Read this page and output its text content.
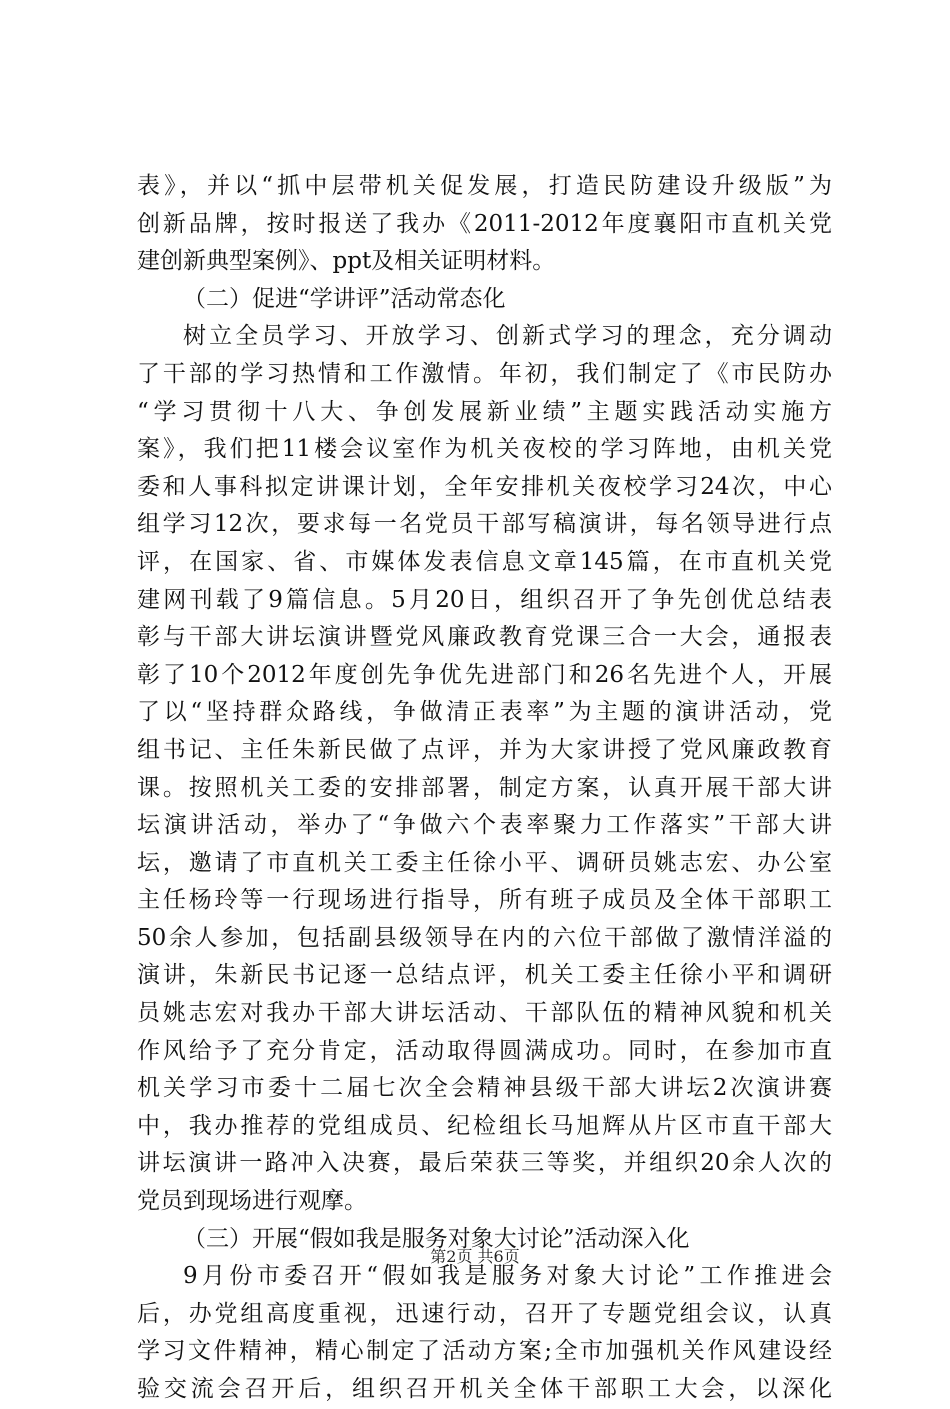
表》，并以“抓中层带机关促发展，打造民防建设升级版”为
创新品牌，按时报送了我办《2011-2012年度襄阳市直机关党
建创新典型案例》、ppt及相关证明材料。
（二）促进“学讲评”活动常态化
树立全员学习、开放学习、创新式学习的理念，充分调动
了干部的学习热情和工作激情。年初，我们制定了《市民防办
“学习贯彻十八大、争创发展新业绩”主题实践活动实施方
案》，我们把11楼会议室作为机关夜校的学习阵地，由机关党
委和人事科拟定讲课计划，全年安排机关夜校学习24次，中心
组学习12次，要求每一名党员干部写稿演讲，每名领导进行点
评，在国家、省、市媒体发表信息文章145篇，在市直机关党
建网刊载了9篇信息。5月20日，组织召开了争先创优总结表
彰与干部大讲坛演讲暨党风廉政教育党课三合一大会，通报表
彰了10个2012年度创先争优先进部门和26名先进个人，开展
了以“坚持群众路线，争做清正表率”为主题的演讲活动，党
组书记、主任朱新民做了点评，并为大家讲授了党风廉政教育
课。按照机关工委的安排部署，制定方案，认真开展干部大讲
坛演讲活动，举办了“争做六个表率聚力工作落实”干部大讲
坛，邀请了市直机关工委主任徐小平、调研员姚志宏、办公室
主任杨玲等一行现场进行指导，所有班子成员及全体干部职工
50余人参加，包括副县级领导在内的六位干部做了激情洋溢的
演讲，朱新民书记逐一总结点评，机关工委主任徐小平和调研
员姚志宏对我办干部大讲坛活动、干部队伍的精神风貌和机关
作风给予了充分肯定，活动取得圆满成功。同时，在参加市直
机关学习市委十二届七次全会精神县级干部大讲坛2次演讲赛
中，我办推荐的党组成员、纪检组长马旭辉从片区市直干部大
讲坛演讲一路冲入决赛，最后荣获三等奖，并组织20余人次的
党员到现场进行观摩。
（三）开展“假如我是服务对象大讨论”活动深入化
9月份市委召开“假如我是服务对象大讨论”工作推进会
后，办党组高度重视，迅速行动，召开了专题党组会议，认真
学习文件精神，精心制定了活动方案;全市加强机关作风建设经
验交流会召开后，组织召开机关全体干部职工大会，以深化
第2页 共6页
